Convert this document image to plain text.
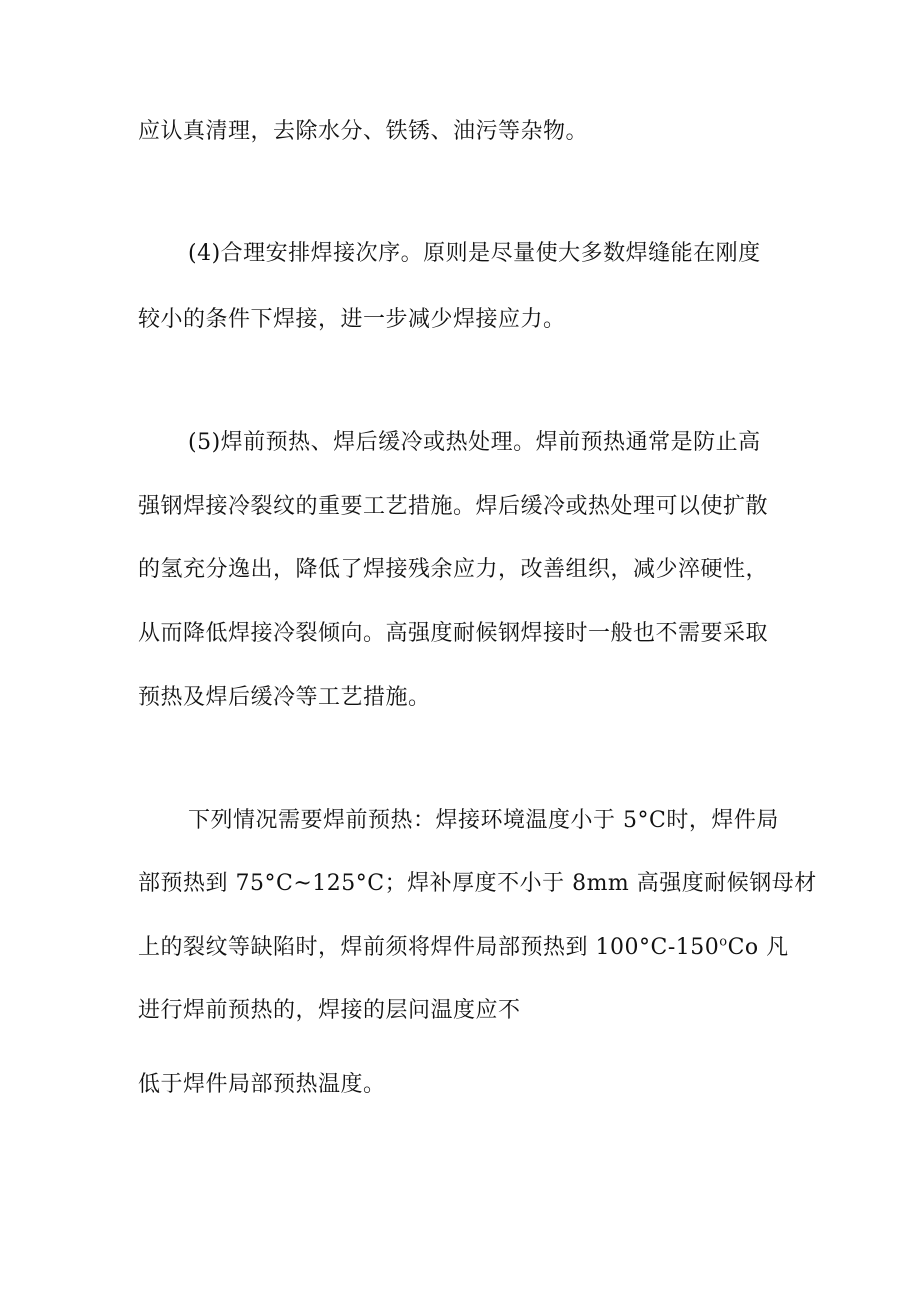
应认真清理，去除水分、铁锈、油污等杂物。
(4)合理安排焊接次序。原则是尽量使大多数焊缝能在刚度
较小的条件下焊接，进一步减少焊接应力。
(5)焊前预热、焊后缓冷或热处理。焊前预热通常是防止高
强钢焊接冷裂纹的重要工艺措施。焊后缓冷或热处理可以使扩散
的氢充分逸出，降低了焊接残余应力，改善组织，减少淬硬性，
从而降低焊接冷裂倾向。高强度耐候钢焊接时一般也不需要采取
预热及焊后缓冷等工艺措施。
下列情况需要焊前预热：焊接环境温度小于 5°C时，焊件局
部预热到 75°C~125°C；焊补厚度不小于 8mm 高强度耐候钢母材
上的裂纹等缺陷时，焊前须将焊件局部预热到 100°C-150$^o$Co 凡
进行焊前预热的，焊接的层问温度应不
低于焊件局部预热温度。
